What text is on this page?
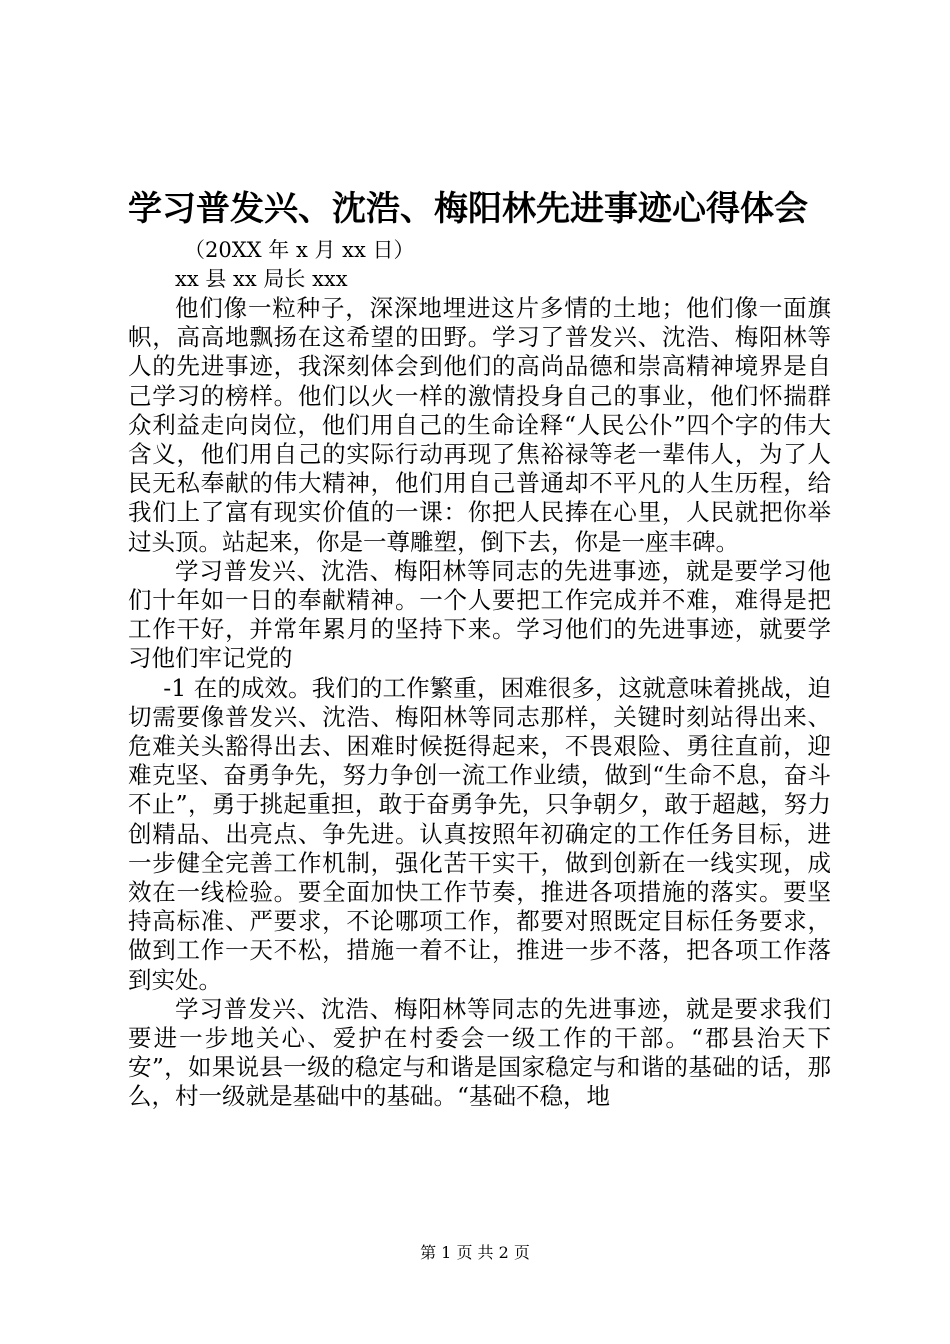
学习普发兴、沈浩、梅阳林先进事迹心得体会
（20XX 年 x 月 xx 日）
xx 县 xx 局长 xxx

他们像一粒种子，深深地埋进这片多情的土地；他们像一面旗帜，高高地飘扬在这希望的田野。学习了普发兴、沈浩、梅阳林等人的先进事迹，我深刻体会到他们的高尚品德和崇高精神境界是自己学习的榜样。他们以火一样的激情投身自己的事业，他们怀揣群众利益走向岗位，他们用自己的生命诠释“人民公仆”四个字的伟大含义，他们用自己的实际行动再现了焦裕禄等老一辈伟人，为了人民无私奉献的伟大精神，他们用自己普通却不平凡的人生历程，给我们上了富有现实价值的一课：你把人民捧在心里，人民就把你举过头顶。站起来，你是一尊雕塑，倒下去，你是一座丰碑。

学习普发兴、沈浩、梅阳林等同志的先进事迹，就是要学习他们十年如一日的奉献精神。一个人要把工作完成并不难，难得是把工作干好，并常年累月的坚持下来。学习他们的先进事迹，就要学习他们牢记党的

-1 在的成效。我们的工作繁重，困难很多，这就意味着挑战，迫切需要像普发兴、沈浩、梅阳林等同志那样，关键时刻站得出来、危难关头豁得出去、困难时候挺得起来，不畏艰险、勇往直前，迎难克坚、奋勇争先，努力争创一流工作业绩，做到“生命不息，奋斗不止”，勇于挑起重担，敢于奋勇争先，只争朝夕，敢于超越，努力创精品、出亮点、争先进。认真按照年初确定的工作任务目标，进一步健全完善工作机制，强化苦干实干，做到创新在一线实现，成效在一线检验。要全面加快工作节奏，推进各项措施的落实。要坚持高标准、严要求，不论哪项工作，都要对照既定目标任务要求，做到工作一天不松，措施一着不让，推进一步不落，把各项工作落到实处。

学习普发兴、沈浩、梅阳林等同志的先进事迹，就是要求我们要进一步地关心、爱护在村委会一级工作的干部。“郡县治天下安”，如果说县一级的稳定与和谐是国家稳定与和谐的基础的话，那么，村一级就是基础中的基础。“基础不稳，地

第 1 页 共 2 页
